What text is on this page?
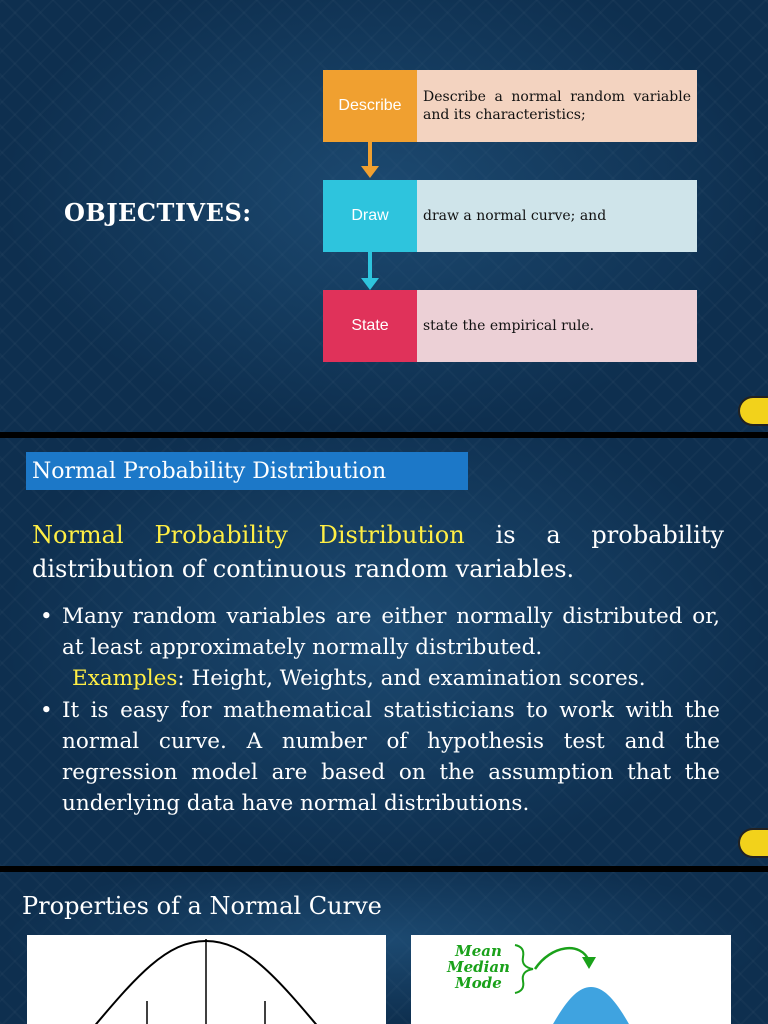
OBJECTIVES:
Describe	Describe a normal random variable and its characteristics;
Draw	draw a normal curve; and
State	state the empirical rule.
Normal Probability Distribution
Normal Probability Distribution is a probability distribution of continuous random variables.
• Many random variables are either normally distributed or, at least approximately normally distributed.
Examples: Height, Weights, and examination scores.
• It is easy for mathematical statisticians to work with the normal curve. A number of hypothesis test and the regression model are based on the assumption that the underlying data have normal distributions.
Properties of a Normal Curve
Mean
Median
Mode
